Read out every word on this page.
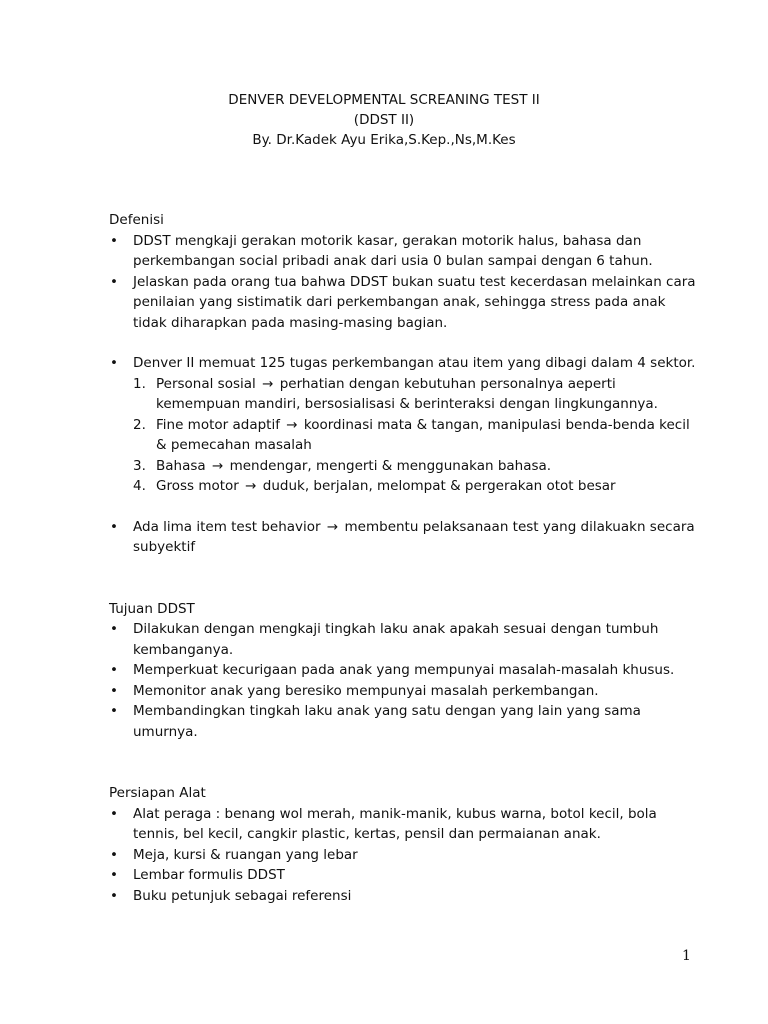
DENVER DEVELOPMENTAL SCREANING TEST II
(DDST II)
By. Dr.Kadek Ayu Erika,S.Kep.,Ns,M.Kes
Defenisi
• DDST mengkaji gerakan motorik kasar, gerakan motorik halus, bahasa dan perkembangan social pribadi anak dari usia 0 bulan sampai dengan 6 tahun.
• Jelaskan pada orang tua bahwa DDST bukan suatu test kecerdasan melainkan cara penilaian yang sistimatik dari perkembangan anak, sehingga stress pada anak tidak diharapkan pada masing-masing bagian.
• Denver II memuat 125 tugas perkembangan atau item yang dibagi dalam 4 sektor.
1. Personal sosial → perhatian dengan kebutuhan personalnya aeperti kemempuan mandiri, bersosialisasi & berinteraksi dengan lingkungannya.
2. Fine motor adaptif → koordinasi mata & tangan, manipulasi benda-benda kecil & pemecahan masalah
3. Bahasa → mendengar, mengerti & menggunakan bahasa.
4. Gross motor → duduk, berjalan, melompat & pergerakan otot besar
• Ada lima item test behavior → membentu pelaksanaan test yang dilakuakn secara subyektif
Tujuan DDST
• Dilakukan dengan mengkaji tingkah laku anak apakah sesuai dengan tumbuh kembanganya.
• Memperkuat kecurigaan pada anak yang mempunyai masalah-masalah khusus.
• Memonitor anak yang beresiko mempunyai masalah perkembangan.
• Membandingkan tingkah laku anak yang satu dengan yang lain yang sama umurnya.
Persiapan Alat
• Alat peraga : benang wol merah, manik-manik, kubus warna, botol kecil, bola tennis, bel kecil, cangkir plastic, kertas, pensil dan permaianan anak.
• Meja, kursi & ruangan yang lebar
• Lembar formulis DDST
• Buku petunjuk sebagai referensi
1
